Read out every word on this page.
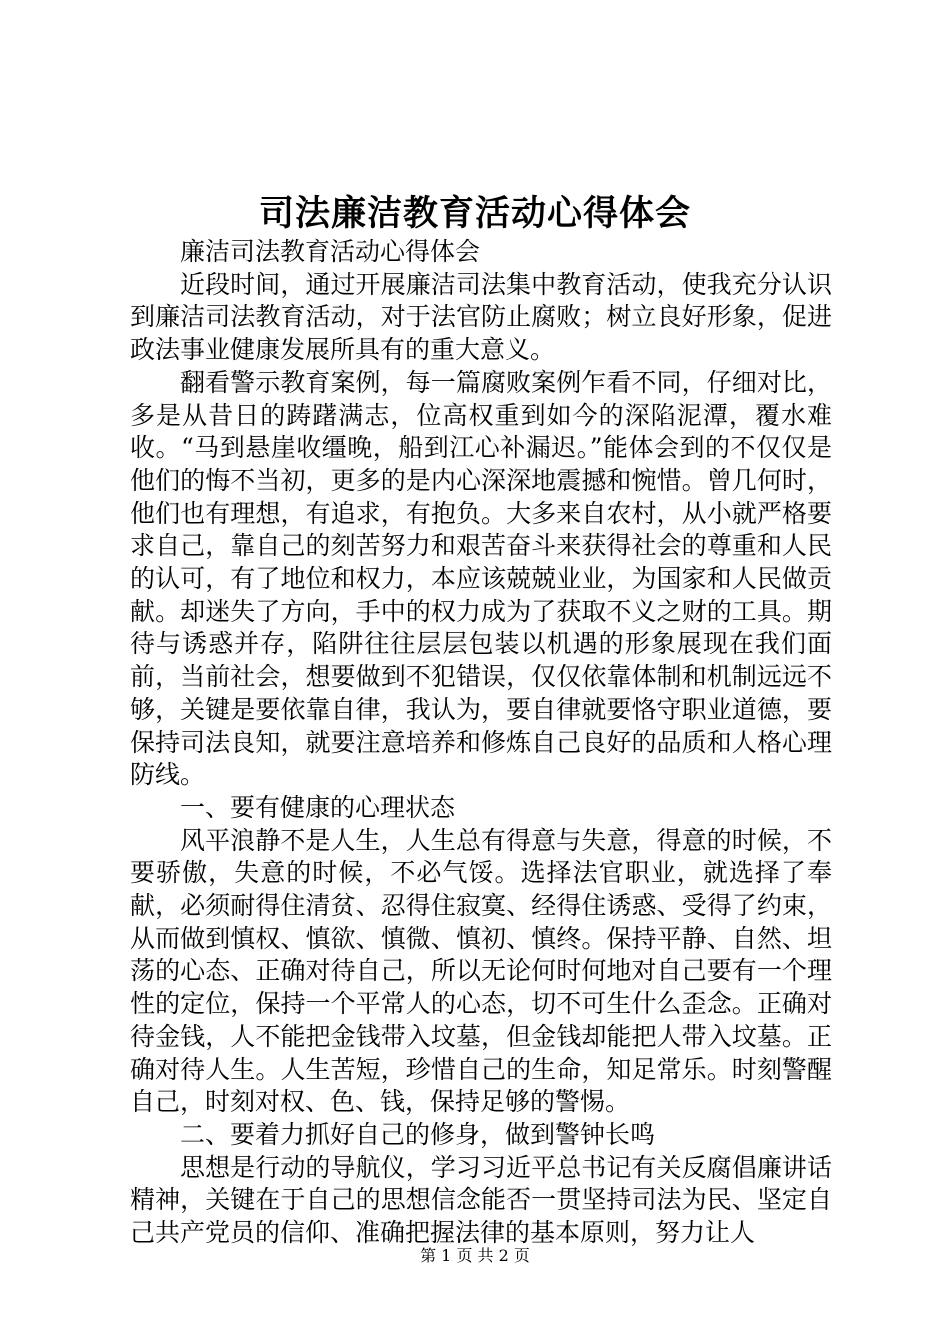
司法廉洁教育活动心得体会

廉洁司法教育活动心得体会

近段时间，通过开展廉洁司法集中教育活动，使我充分认识到廉洁司法教育活动，对于法官防止腐败；树立良好形象，促进政法事业健康发展所具有的重大意义。

翻看警示教育案例，每一篇腐败案例乍看不同，仔细对比，多是从昔日的踌躇满志，位高权重到如今的深陷泥潭，覆水难收。“马到悬崖收缰晚，船到江心补漏迟。”能体会到的不仅仅是他们的悔不当初，更多的是内心深深地震撼和惋惜。曾几何时，他们也有理想，有追求，有抱负。大多来自农村，从小就严格要求自己，靠自己的刻苦努力和艰苦奋斗来获得社会的尊重和人民的认可，有了地位和权力，本应该兢兢业业，为国家和人民做贡献。却迷失了方向，手中的权力成为了获取不义之财的工具。期待与诱惑并存，陷阱往往层层包装以机遇的形象展现在我们面前，当前社会，想要做到不犯错误，仅仅依靠体制和机制远远不够，关键是要依靠自律，我认为，要自律就要恪守职业道德，要保持司法良知，就要注意培养和修炼自己良好的品质和人格心理防线。

一、要有健康的心理状态

风平浪静不是人生，人生总有得意与失意，得意的时候，不要骄傲，失意的时候，不必气馁。选择法官职业，就选择了奉献，必须耐得住清贫、忍得住寂寞、经得住诱惑、受得了约束，从而做到慎权、慎欲、慎微、慎初、慎终。保持平静、自然、坦荡的心态、正确对待自己，所以无论何时何地对自己要有一个理性的定位，保持一个平常人的心态，切不可生什么歪念。正确对待金钱，人不能把金钱带入坟墓，但金钱却能把人带入坟墓。正确对待人生。人生苦短，珍惜自己的生命，知足常乐。时刻警醒自己，时刻对权、色、钱，保持足够的警惕。

二、要着力抓好自己的修身，做到警钟长鸣

思想是行动的导航仪，学习习近平总书记有关反腐倡廉讲话精神，关键在于自己的思想信念能否一贯坚持司法为民、坚定自己共产党员的信仰、准确把握法律的基本原则，努力让人

第 1 页 共 2 页
